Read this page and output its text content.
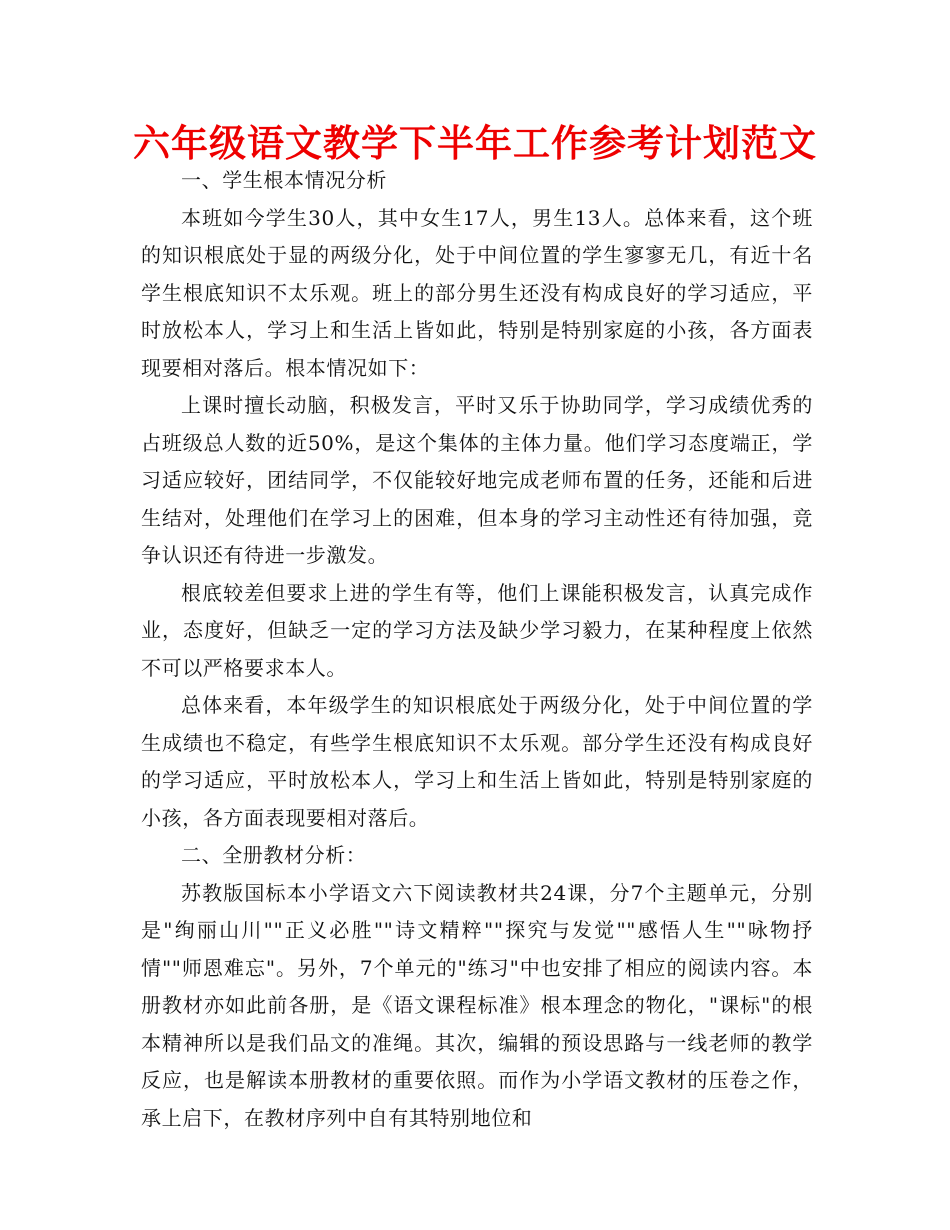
六年级语文教学下半年工作参考计划范文

一、学生根本情况分析

本班如今学生30人，其中女生17人，男生13人。总体来看，这个班的知识根底处于显的两级分化，处于中间位置的学生寥寥无几，有近十名学生根底知识不太乐观。班上的部分男生还没有构成良好的学习适应，平时放松本人，学习上和生活上皆如此，特别是特别家庭的小孩，各方面表现要相对落后。根本情况如下：

上课时擅长动脑，积极发言，平时又乐于协助同学，学习成绩优秀的占班级总人数的近50%，是这个集体的主体力量。他们学习态度端正，学习适应较好，团结同学，不仅能较好地完成老师布置的任务，还能和后进生结对，处理他们在学习上的困难，但本身的学习主动性还有待加强，竞争认识还有待进一步激发。

根底较差但要求上进的学生有等，他们上课能积极发言，认真完成作业，态度好，但缺乏一定的学习方法及缺少学习毅力，在某种程度上依然不可以严格要求本人。

总体来看，本年级学生的知识根底处于两级分化，处于中间位置的学生成绩也不稳定，有些学生根底知识不太乐观。部分学生还没有构成良好的学习适应，平时放松本人，学习上和生活上皆如此，特别是特别家庭的小孩，各方面表现要相对落后。

二、全册教材分析：

苏教版国标本小学语文六下阅读教材共24课，分7个主题单元，分别是"绚丽山川""正义必胜""诗文精粹""探究与发觉""感悟人生""咏物抒情""师恩难忘"。另外，7个单元的"练习"中也安排了相应的阅读内容。本册教材亦如此前各册，是《语文课程标准》根本理念的物化，"课标"的根本精神所以是我们品文的准绳。其次，编辑的预设思路与一线老师的教学反应，也是解读本册教材的重要依照。而作为小学语文教材的压卷之作，承上启下，在教材序列中自有其特别地位和
